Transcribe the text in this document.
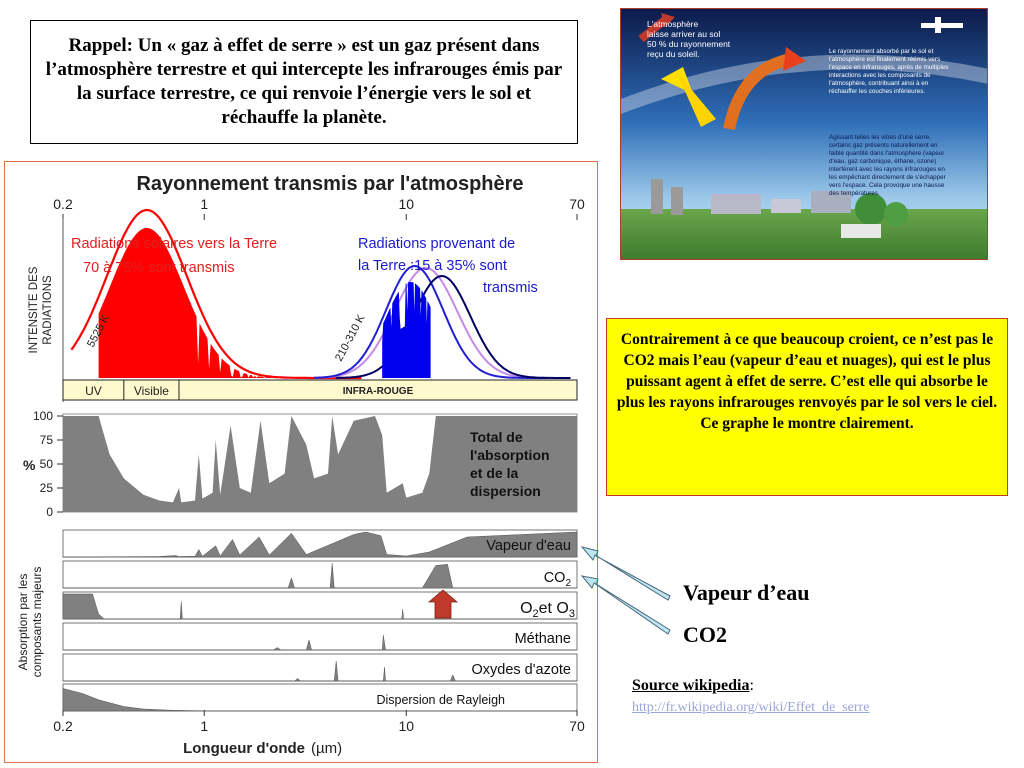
Rappel: Un « gaz à effet de serre » est un gaz présent dans l’atmosphère terrestre et qui intercepte les infrarouges émis par la surface terrestre, ce qui renvoie l’énergie vers le sol et réchauffe la planète.
L'atmosphère laisse arriver au sol 50 % du rayonnement reçu du soleil.	Le rayonnement absorbé par le sol et l'atmosphère est finalement réémis vers l'espace en infrarouges, après de multiples interactions avec les composants de l'atmosphère, contribuant ainsi à en réchauffer les couches inférieures.
Agissant telles les vitres d'une serre, certains gaz présents naturellement en faible quantité dans l'atmosphère (vapeur d'eau, gaz carbonique, éthane, ozone) interfèrent avec les rayons infrarouges en les empêchant directement de s'échapper vers l'espace. Cela provoque une hausse des températures.

Contrairement à ce que beaucoup croient, ce n’est pas le CO2 mais l’eau (vapeur d’eau et nuages), qui est le plus puissant agent à effet de serre. C’est elle qui absorbe le plus les rayons infrarouges renvoyés par le sol vers le ciel.

Ce graphe le montre clairement.

Rayonnement transmis par l'atmosphère
0.2	1	10	70
Radiations solaires vers la Terre
70 à 75% sont transmis
Radiations provenant de
la Terre :15 à 35% sont
transmis
5525 K	210-310 K
INTENSITE DES RADIATIONS
UV	Visible	INFRA-ROUGE
0
25
50
75
100
%
Total de
l'absorption
et de la
dispersion
Absorption par les composants majeurs
Vapeur d'eau
$CO_2$
$O_2et$ $O_3$
Méthane
Oxydes d'azote
Dispersion de Rayleigh
0.2	1	10	70
Longueur d'onde (µm)
Vapeur d’eau
CO2
Source wikipedia:
http://fr.wikipedia.org/wiki/Effet_de_serre
